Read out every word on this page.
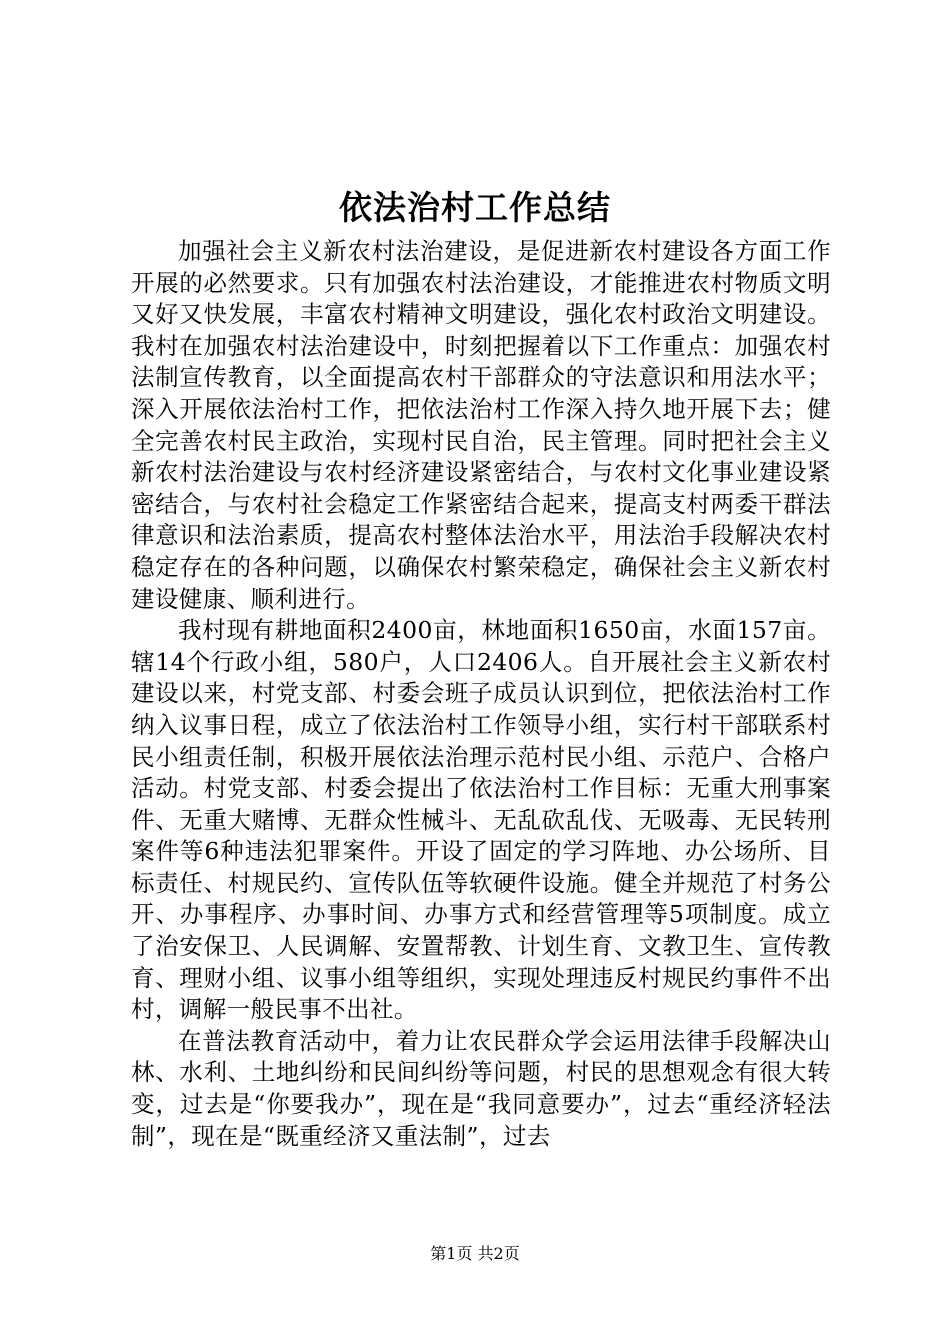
依法治村工作总结

加强社会主义新农村法治建设，是促进新农村建设各方面工作开展的必然要求。只有加强农村法治建设，才能推进农村物质文明又好又快发展，丰富农村精神文明建设，强化农村政治文明建设。我村在加强农村法治建设中，时刻把握着以下工作重点：加强农村法制宣传教育，以全面提高农村干部群众的守法意识和用法水平；深入开展依法治村工作，把依法治村工作深入持久地开展下去；健全完善农村民主政治，实现村民自治，民主管理。同时把社会主义新农村法治建设与农村经济建设紧密结合，与农村文化事业建设紧密结合，与农村社会稳定工作紧密结合起来，提高支村两委干群法律意识和法治素质，提高农村整体法治水平，用法治手段解决农村稳定存在的各种问题，以确保农村繁荣稳定，确保社会主义新农村建设健康、顺利进行。

我村现有耕地面积2400亩，林地面积1650亩，水面157亩。辖14个行政小组，580户，人口2406人。自开展社会主义新农村建设以来，村党支部、村委会班子成员认识到位，把依法治村工作纳入议事日程，成立了依法治村工作领导小组，实行村干部联系村民小组责任制，积极开展依法治理示范村民小组、示范户、合格户活动。村党支部、村委会提出了依法治村工作目标：无重大刑事案件、无重大赌博、无群众性械斗、无乱砍乱伐、无吸毒、无民转刑案件等6种违法犯罪案件。开设了固定的学习阵地、办公场所、目标责任、村规民约、宣传队伍等软硬件设施。健全并规范了村务公开、办事程序、办事时间、办事方式和经营管理等5项制度。成立了治安保卫、人民调解、安置帮教、计划生育、文教卫生、宣传教育、理财小组、议事小组等组织，实现处理违反村规民约事件不出村，调解一般民事不出社。

在普法教育活动中，着力让农民群众学会运用法律手段解决山林、水利、土地纠纷和民间纠纷等问题，村民的思想观念有很大转变，过去是“你要我办”，现在是“我同意要办”，过去“重经济轻法制”，现在是“既重经济又重法制”，过去

第1页 共2页
